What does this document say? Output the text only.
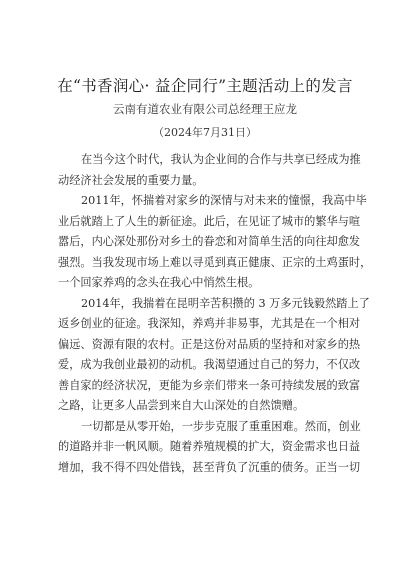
在“书香润心· 益企同行”主题活动上的发言
云南有道农业有限公司总经理王应龙
（2024年7月31日）

在当今这个时代，我认为企业间的合作与共享已经成为推
动经济社会发展的重要力量。

2011年，怀揣着对家乡的深情与对未来的憧憬，我高中毕
业后就踏上了人生的新征途。此后，在见证了城市的繁华与喧
嚣后，内心深处那份对乡土的眷恋和对简单生活的向往却愈发
强烈。当我发现市场上难以寻觅到真正健康、正宗的土鸡蛋时，
一个回家养鸡的念头在我心中悄然生根。

2014年，我揣着在昆明辛苦积攒的 3 万多元钱毅然踏上了
返乡创业的征途。我深知，养鸡并非易事，尤其是在一个相对
偏远、资源有限的农村。正是这份对品质的坚持和对家乡的热
爱，成为我创业最初的动机。我渴望通过自己的努力，不仅改
善自家的经济状况，更能为乡亲们带来一条可持续发展的致富
之路，让更多人品尝到来自大山深处的自然馈赠。

一切都是从零开始，一步步克服了重重困难。然而，创业
的道路并非一帆风顺。随着养殖规模的扩大，资金需求也日益
增加，我不得不四处借钱，甚至背负了沉重的债务。正当一切
